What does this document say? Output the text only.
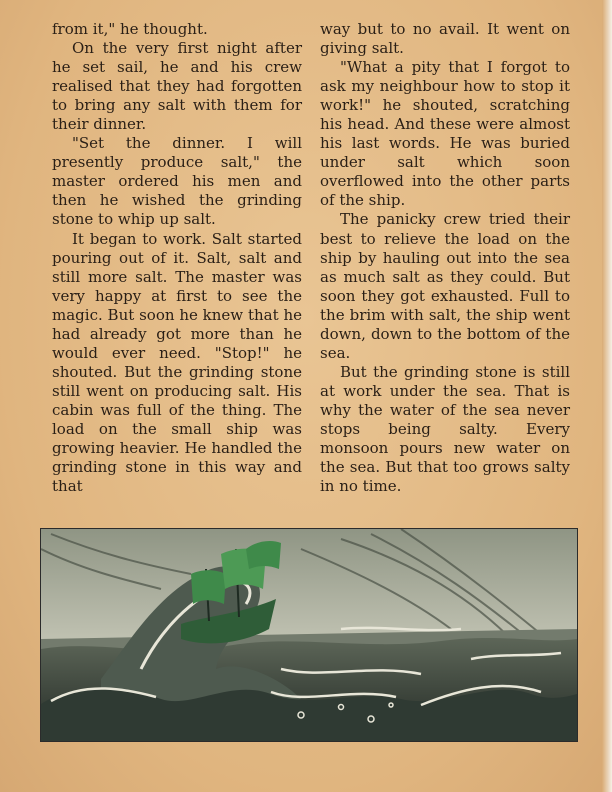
from it," he thought.

On the very first night after he set sail, he and his crew realised that they had forgotten to bring any salt with them for their dinner.

"Set the dinner. I will presently produce salt," the master ordered his men and then he wished the grinding stone to whip up salt.

It began to work. Salt started pouring out of it. Salt, salt and still more salt. The master was very happy at first to see the magic. But soon he knew that he had already got more than he would ever need. "Stop!" he shouted. But the grinding stone still went on producing salt. His cabin was full of the thing. The load on the small ship was growing heavier. He handled the grinding stone in this way and that

way but to no avail. It went on giving salt.

"What a pity that I forgot to ask my neighbour how to stop it work!" he shouted, scratching his head. And these were almost his last words. He was buried under salt which soon overflowed into the other parts of the ship.

The panicky crew tried their best to relieve the load on the ship by hauling out into the sea as much salt as they could. But soon they got exhausted. Full to the brim with salt, the ship went down, down to the bottom of the sea.

But the grinding stone is still at work under the sea. That is why the water of the sea never stops being salty. Every monsoon pours new water on the sea. But that too grows salty in no time.
